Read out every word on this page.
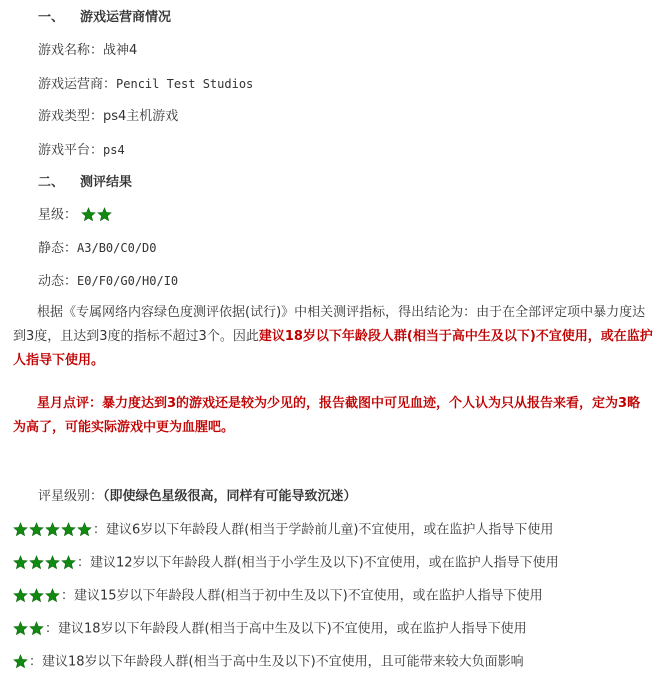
一、 游戏运营商情况
游戏名称：战神4
游戏运营商：Pencil Test Studios
游戏类型：ps4主机游戏
游戏平台：ps4
二、 测评结果
星级：
静态：A3/B0/C0/D0
动态：E0/F0/G0/H0/I0
根据《专属网络内容绿色度测评依据(试行)》中相关测评指标，得出结论为：由于在全部评定项中暴力度达到3度，且达到3度的指标不超过3个。因此建议18岁以下年龄段人群(相当于高中生及以下)不宜使用，或在监护人指导下使用。
星月点评：暴力度达到3的游戏还是较为少见的，报告截图中可见血迹，个人认为只从报告来看，定为3略为高了，可能实际游戏中更为血腥吧。
评星级别：（即使绿色星级很高，同样有可能导致沉迷）
：建议6岁以下年龄段人群(相当于学龄前儿童)不宜使用，或在监护人指导下使用
：建议12岁以下年龄段人群(相当于小学生及以下)不宜使用，或在监护人指导下使用
：建议15岁以下年龄段人群(相当于初中生及以下)不宜使用，或在监护人指导下使用
：建议18岁以下年龄段人群(相当于高中生及以下)不宜使用，或在监护人指导下使用
：建议18岁以下年龄段人群(相当于高中生及以下)不宜使用，且可能带来较大负面影响
